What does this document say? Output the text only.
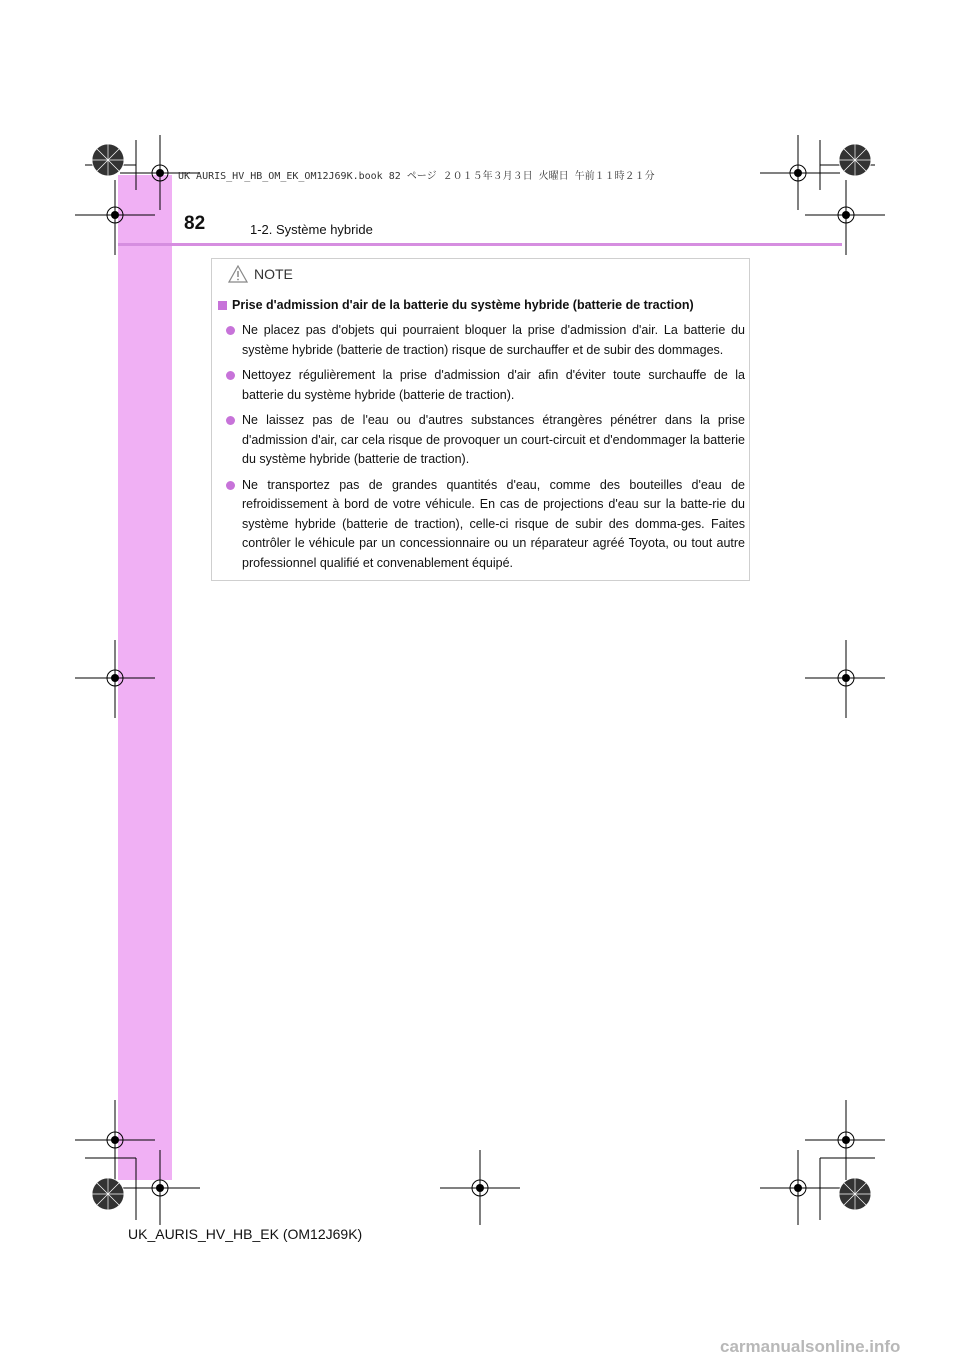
UK AURIS_HV_HB_OM_EK_OM12J69K.book 82 ページ ２０１５年３月３日 火曜日 午前１１時２１分
82	1-2. Système hybride
NOTE
Prise d'admission d'air de la batterie du système hybride (batterie de traction)
Ne placez pas d'objets qui pourraient bloquer la prise d'admission d'air. La batterie du système hybride (batterie de traction) risque de surchauffer et de subir des dommages.
Nettoyez régulièrement la prise d'admission d'air afin d'éviter toute surchauffe de la batterie du système hybride (batterie de traction).
Ne laissez pas de l'eau ou d'autres substances étrangères pénétrer dans la prise d'admission d'air, car cela risque de provoquer un court-circuit et d'endommager la batterie du système hybride (batterie de traction).
Ne transportez pas de grandes quantités d'eau, comme des bouteilles d'eau de refroidissement à bord de votre véhicule. En cas de projections d'eau sur la batte-rie du système hybride (batterie de traction), celle-ci risque de subir des domma-ges. Faites contrôler le véhicule par un concessionnaire ou un réparateur agréé Toyota, ou tout autre professionnel qualifié et convenablement équipé.
UK_AURIS_HV_HB_EK (OM12J69K)
carmanualsonline.info
